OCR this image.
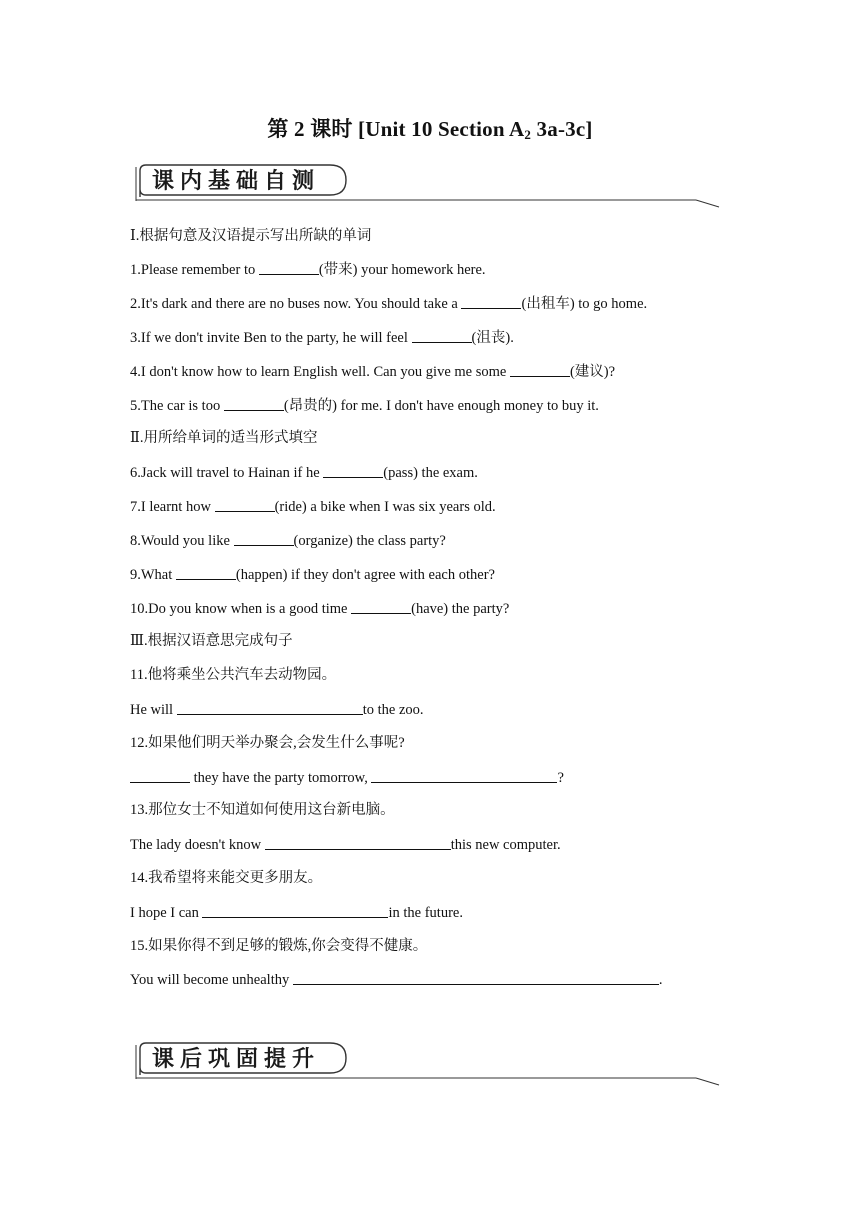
第 2 课时 [Unit 10 Section $A_2$ 3a-3c]
课内基础自测
Ⅰ.根据句意及汉语提示写出所缺的单词
1.Please remember to	(带来) your homework here.
2.It's dark and there are no buses now. You should take a	(出租车) to go home.
3.If we don't invite Ben to the party, he will feel	(沮丧).
4.I don't know how to learn English well. Can you give me some	(建议)?
5.The car is too	(昂贵的) for me. I don't have enough money to buy it.
Ⅱ.用所给单词的适当形式填空
6.Jack will travel to Hainan if he	(pass) the exam.
7.I learnt how	(ride) a bike when I was six years old.
8.Would you like	(organize) the class party?
9.What	(happen) if they don't agree with each other?
10.Do you know when is a good time	(have) the party?
Ⅲ.根据汉语意思完成句子
11.他将乘坐公共汽车去动物园。
He will	to the zoo.
12.如果他们明天举办聚会,会发生什么事呢?
they have the party tomorrow,	?
13.那位女士不知道如何使用这台新电脑。
The lady doesn't know	this new computer.
14.我希望将来能交更多朋友。
I hope I can	in the future.
15.如果你得不到足够的锻炼,你会变得不健康。
You will become unhealthy	.
课后巩固提升
